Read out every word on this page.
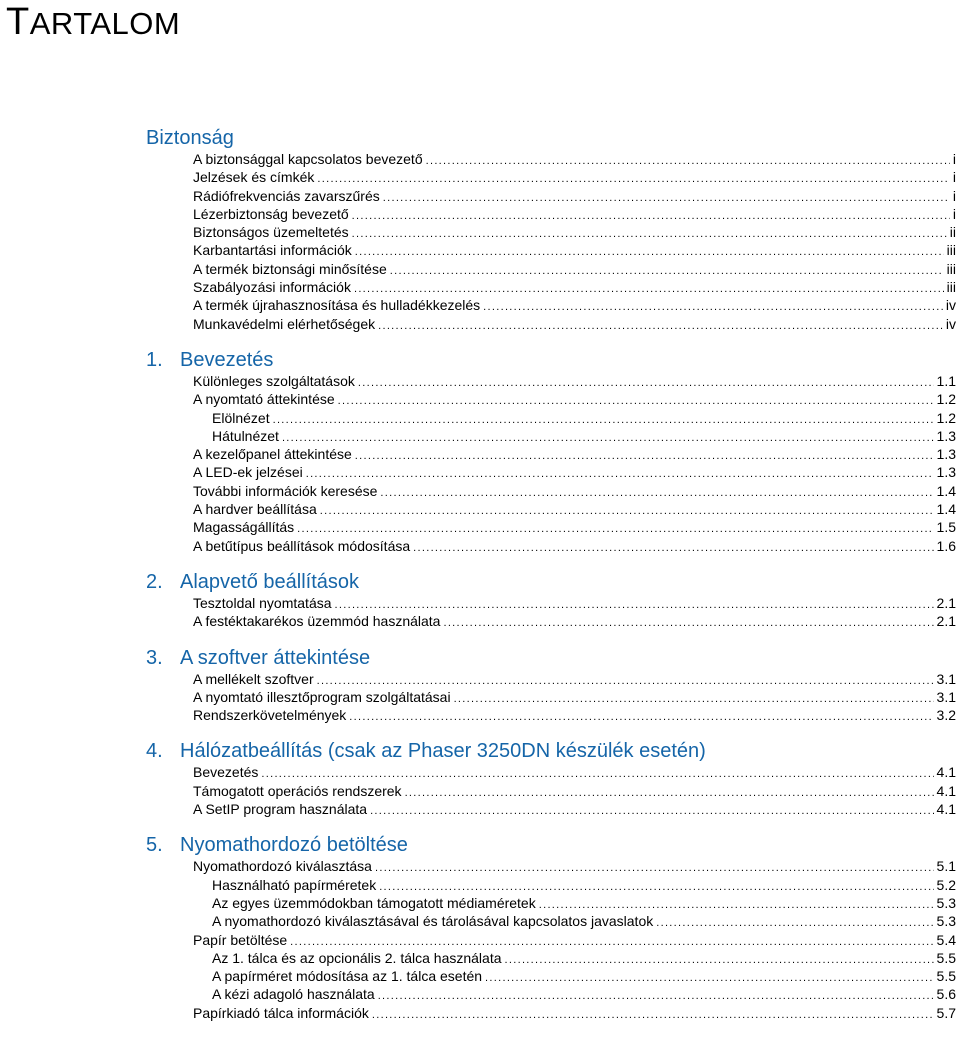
TARTALOM
Biztonság
A biztonsággal kapcsolatos bevezető .....	i
Jelzések és címkék .....	i
Rádiófrekvenciás zavarszűrés .....	i
Lézerbiztonság bevezető .....	i
Biztonságos üzemeltetés .....	ii
Karbantartási információk .....	iii
A termék biztonsági minősítése .....	iii
Szabályozási információk .....	iii
A termék újrahasznosítása és hulladékkezelés .....	iv
Munkavédelmi elérhetőségek .....	iv
1. Bevezetés
Különleges szolgáltatások .....	1.1
A nyomtató áttekintése .....	1.2
Elölnézet .....	1.2
Hátulnézet .....	1.3
A kezelőpanel áttekintése .....	1.3
A LED-ek jelzései .....	1.3
További információk keresése .....	1.4
A hardver beállítása .....	1.4
Magasságállítás .....	1.5
A betűtípus beállítások módosítása .....	1.6
2. Alapvető beállítások
Tesztoldal nyomtatása .....	2.1
A festéktakarékos üzemmód használata .....	2.1
3. A szoftver áttekintése
A mellékelt szoftver .....	3.1
A nyomtató illesztőprogram szolgáltatásai .....	3.1
Rendszerkövetelmények .....	3.2
4. Hálózatbeállítás (csak az Phaser 3250DN készülék esetén)
Bevezetés .....	4.1
Támogatott operációs rendszerek .....	4.1
A SetIP program használata .....	4.1
5. Nyomathordozó betöltése
Nyomathordozó kiválasztása .....	5.1
Használható papírméretek .....	5.2
Az egyes üzemmódokban támogatott médiaméretek .....	5.3
A nyomathordozó kiválasztásával és tárolásával kapcsolatos javaslatok .....	5.3
Papír betöltése .....	5.4
Az 1. tálca és az opcionális 2. tálca használata .....	5.5
A papírméret módosítása az 1. tálca esetén .....	5.5
A kézi adagoló használata .....	5.6
Papírkiadó tálca információk .....	5.7
